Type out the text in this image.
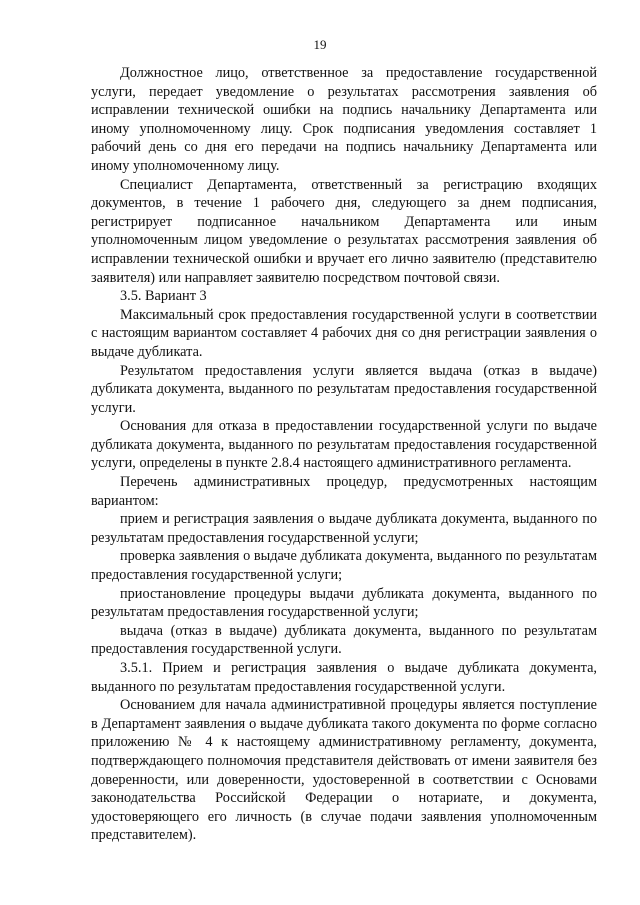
19

Должностное лицо, ответственное за предоставление государственной услуги, передает уведомление о результатах рассмотрения заявления об исправлении технической ошибки на подпись начальнику Департамента или иному уполномоченному лицу. Срок подписания уведомления составляет 1 рабочий день со дня его передачи на подпись начальнику Департамента или иному уполномоченному лицу.

Специалист Департамента, ответственный за регистрацию входящих документов, в течение 1 рабочего дня, следующего за днем подписания, регистрирует подписанное начальником Департамента или иным уполномоченным лицом уведомление о результатах рассмотрения заявления об исправлении технической ошибки и вручает его лично заявителю (представителю заявителя) или направляет заявителю посредством почтовой связи.

3.5. Вариант 3

Максимальный срок предоставления государственной услуги в соответствии с настоящим вариантом составляет 4 рабочих дня со дня регистрации заявления о выдаче дубликата.

Результатом предоставления услуги является выдача (отказ в выдаче) дубликата документа, выданного по результатам предоставления государственной услуги.

Основания для отказа в предоставлении государственной услуги по выдаче дубликата документа, выданного по результатам предоставления государственной услуги, определены в пункте 2.8.4 настоящего административного регламента.

Перечень административных процедур, предусмотренных настоящим вариантом:

прием и регистрация заявления о выдаче дубликата документа, выданного по результатам предоставления государственной услуги;

проверка заявления о выдаче дубликата документа, выданного по результатам предоставления государственной услуги;

приостановление процедуры выдачи дубликата документа, выданного по результатам предоставления государственной услуги;

выдача (отказ в выдаче) дубликата документа, выданного по результатам предоставления государственной услуги.

3.5.1. Прием и регистрация заявления о выдаче дубликата документа, выданного по результатам предоставления государственной услуги.

Основанием для начала административной процедуры является поступление в Департамент заявления о выдаче дубликата такого документа по форме согласно приложению № 4 к настоящему административному регламенту, документа, подтверждающего полномочия представителя действовать от имени заявителя без доверенности, или доверенности, удостоверенной в соответствии с Основами законодательства Российской Федерации о нотариате, и документа, удостоверяющего его личность (в случае подачи заявления уполномоченным представителем).
